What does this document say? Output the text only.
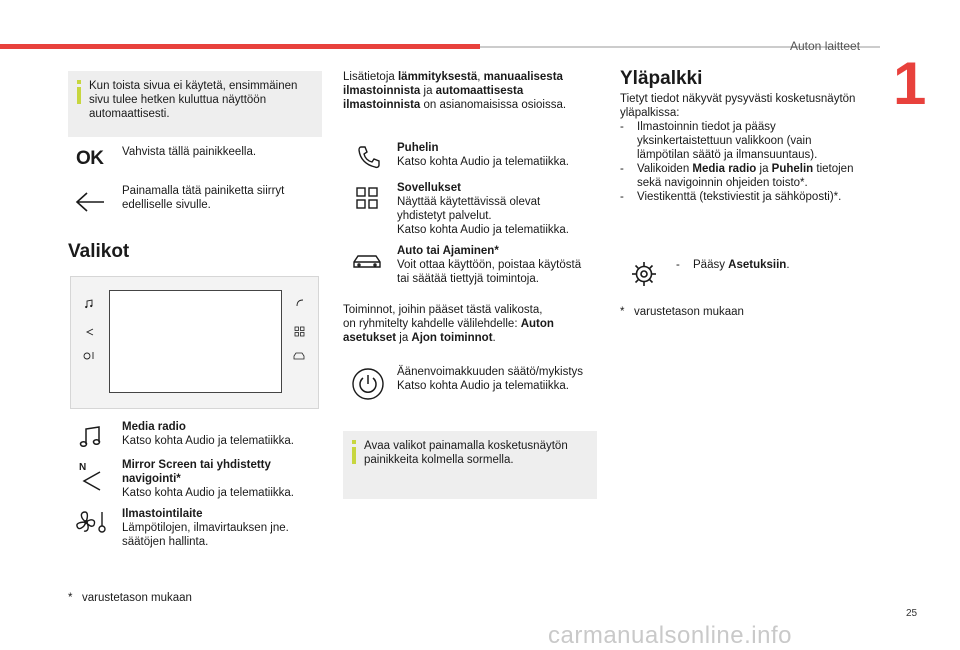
Auton laitteet
1
Kun toista sivua ei käytetä, ensimmäinen sivu tulee hetken kuluttua näyttöön automaattisesti.
OK Vahvista tällä painikkeella.
Painamalla tätä painiketta siirryt
edelliselle sivulle.
Valikot
Media radio
Katso kohta Audio ja telematiikka.
N	Mirror Screen tai yhdistetty
navigointi*
Katso kohta Audio ja telematiikka.
Ilmastointilaite
Lämpötilojen, ilmavirtauksen jne.
säätöjen hallinta.
* varustetason mukaan
Lisätietoja lämmityksestä, manuaalisesta
ilmastoinnista ja automaattisesta
ilmastoinnista on asianomaisissa osioissa.
Puhelin
Katso kohta Audio ja telematiikka.
Sovellukset
Näyttää käytettävissä olevat
yhdistetyt palvelut.
Katso kohta Audio ja telematiikka.
Auto tai Ajaminen*
Voit ottaa käyttöön, poistaa käytöstä
tai säätää tiettyjä toimintoja.
Toiminnot, joihin pääset tästä valikosta,
on ryhmitelty kahdelle välilehdelle: Auton
asetukset ja Ajon toiminnot.
Äänenvoimakkuuden säätö/mykistys
Katso kohta Audio ja telematiikka.
Avaa valikot painamalla kosketusnäytön painikkeita kolmella sormella.
Yläpalkki
Tietyt tiedot näkyvät pysyvästi kosketusnäytön
yläpalkissa:
- Ilmastoinnin tiedot ja pääsy
yksinkertaistettuun valikkoon (vain
lämpötilan säätö ja ilmansuuntaus).
- Valikoiden Media radio ja Puhelin tietojen
sekä navigoinnin ohjeiden toisto*.
- Viestikenttä (tekstiviestit ja sähköposti)*.
- Pääsy Asetuksiin.
* varustetason mukaan
25
carmanualsonline.info
